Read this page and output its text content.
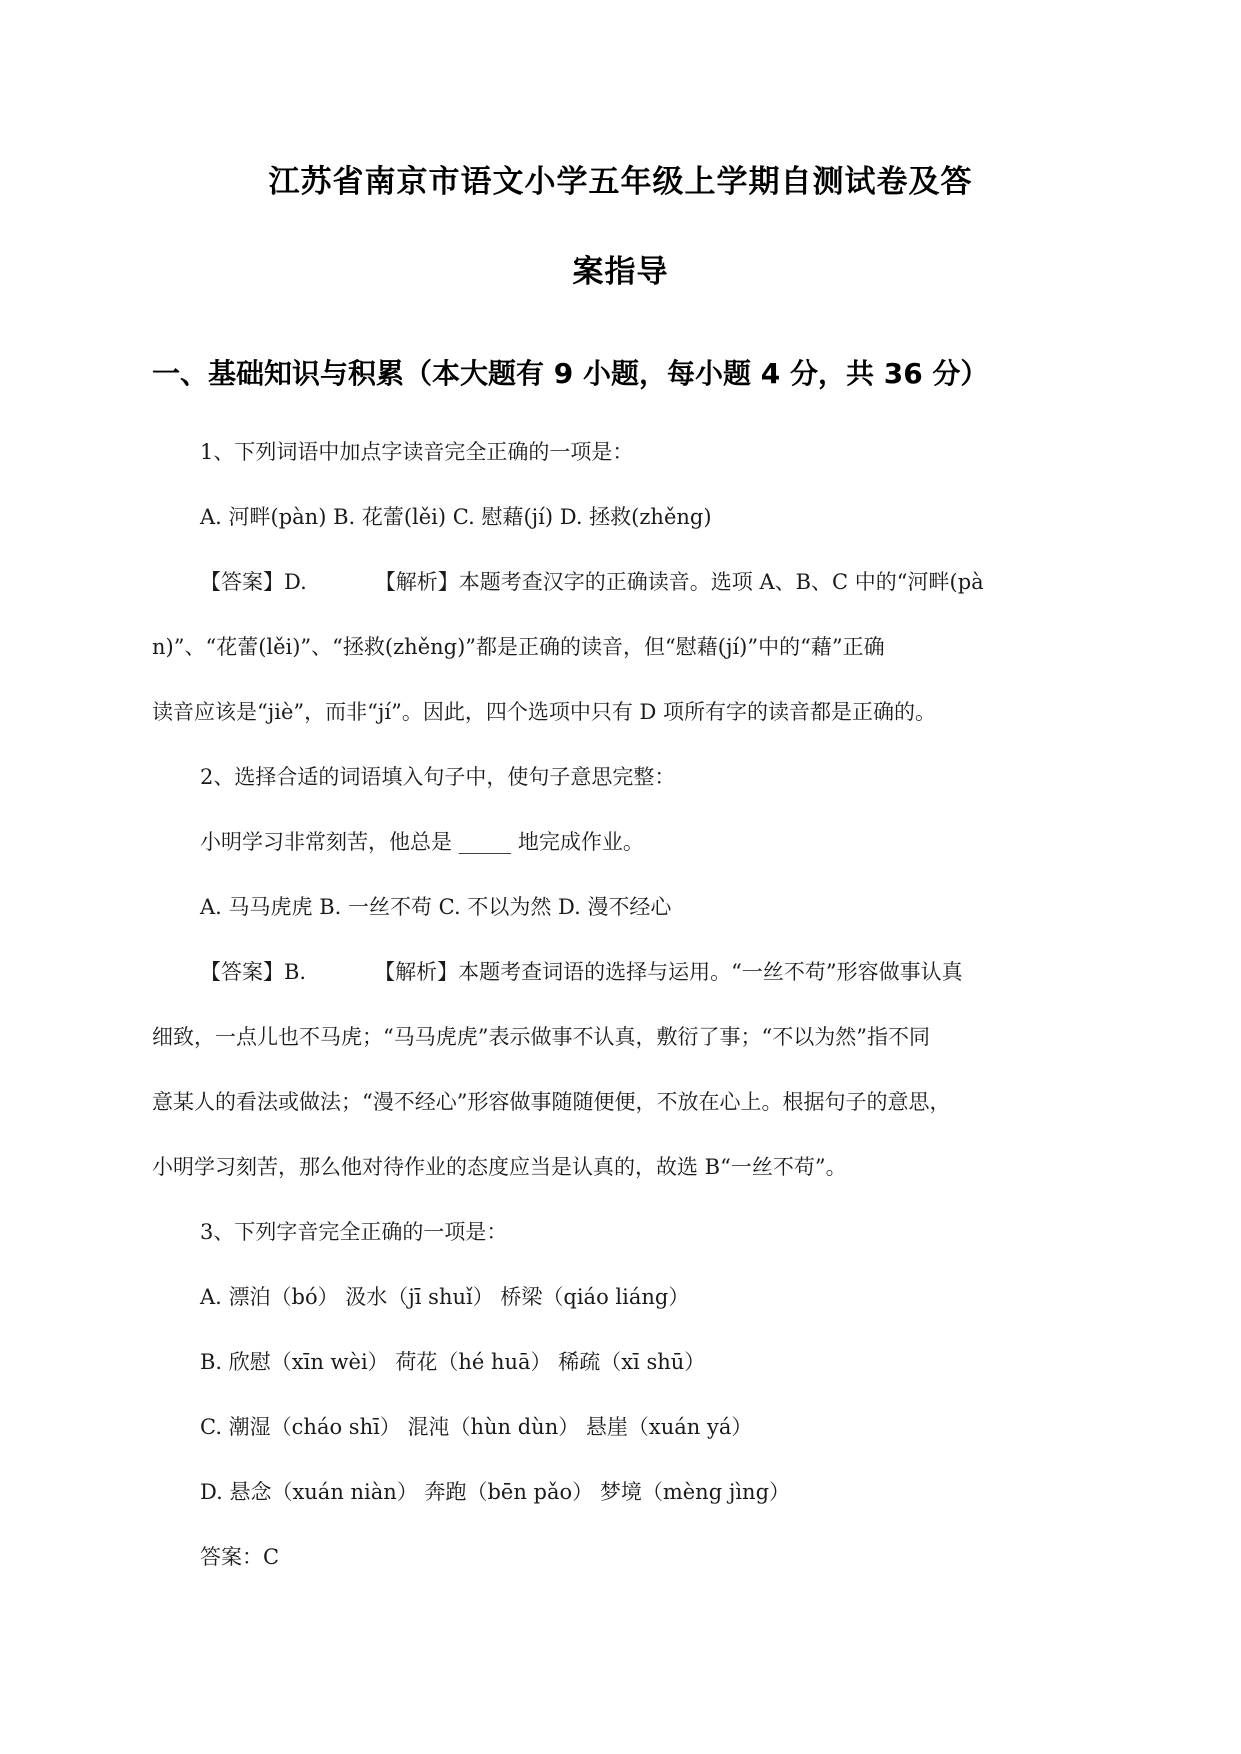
江苏省南京市语文小学五年级上学期自测试卷及答
案指导
一、基础知识与积累（本大题有 9 小题，每小题 4 分，共 36 分）
1、下列词语中加点字读音完全正确的一项是：
A. 河畔(pàn) B. 花蕾(lěi) C. 慰藉(jí) D. 拯救(zhěng)
【答案】D.	【解析】本题考查汉字的正确读音。选项 A、B、C 中的“河畔(pà
n)”、“花蕾(lěi)”、“拯救(zhěng)”都是正确的读音，但“慰藉(jí)”中的“藉”正确
读音应该是“jiè”，而非“jí”。因此，四个选项中只有 D 项所有字的读音都是正确的。
2、选择合适的词语填入句子中，使句子意思完整：
小明学习非常刻苦，他总是 _____ 地完成作业。
A. 马马虎虎 B. 一丝不苟 C. 不以为然 D. 漫不经心
【答案】B.	【解析】本题考查词语的选择与运用。“一丝不苟”形容做事认真
细致，一点儿也不马虎；“马马虎虎”表示做事不认真，敷衍了事；“不以为然”指不同
意某人的看法或做法；“漫不经心”形容做事随随便便，不放在心上。根据句子的意思，
小明学习刻苦，那么他对待作业的态度应当是认真的，故选 B“一丝不苟”。
3、下列字音完全正确的一项是：
A. 漂泊（bó） 汲水（jī shuǐ） 桥梁（qiáo liáng）
B. 欣慰（xīn wèi） 荷花（hé huā） 稀疏（xī shū）
C. 潮湿（cháo shī） 混沌（hùn dùn） 悬崖（xuán yá）
D. 悬念（xuán niàn） 奔跑（bēn pǎo） 梦境（mèng jìng）
答案：C
